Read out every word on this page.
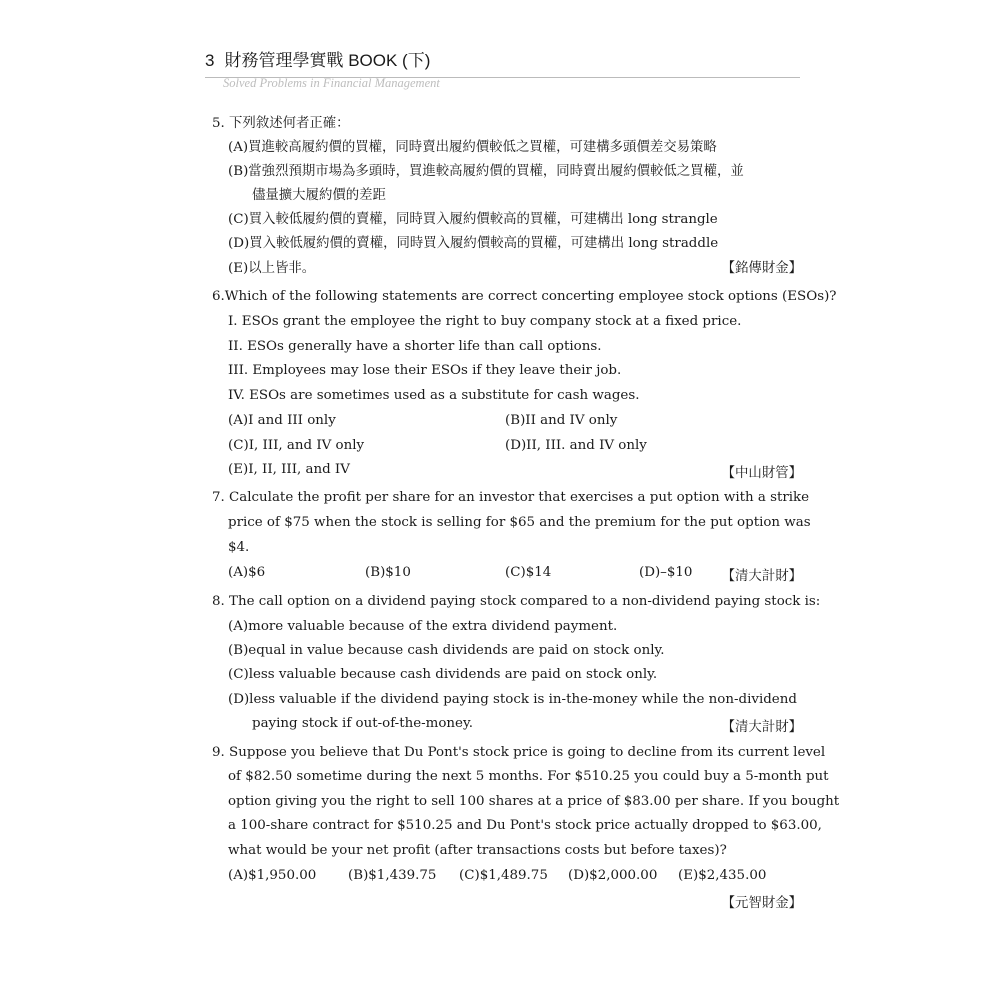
3 財務管理學實戰 BOOK (下)
Solved Problems in Financial Management
5. 下列敘述何者正確：
(A)買進較高履約價的買權，同時賣出履約價較低之買權，可建構多頭價差交易策略
(B)當強烈預期市場為多頭時，買進較高履約價的買權，同時賣出履約價較低之買權，並
儘量擴大履約價的差距
(C)買入較低履約價的賣權，同時買入履約價較高的買權，可建構出 long strangle
(D)買入較低履約價的賣權，同時買入履約價較高的買權，可建構出 long straddle
(E)以上皆非。	【銘傳財金】
6.Which of the following statements are correct concerting employee stock options (ESOs)?
I. ESOs grant the employee the right to buy company stock at a fixed price.
II. ESOs generally have a shorter life than call options.
III. Employees may lose their ESOs if they leave their job.
IV. ESOs are sometimes used as a substitute for cash wages.
(A)I and III only	(B)II and IV only
(C)I, III, and IV only	(D)II, III. and IV only
(E)I, II, III, and IV	【中山財管】
7. Calculate the profit per share for an investor that exercises a put option with a strike
price of $75 when the stock is selling for $65 and the premium for the put option was
$4.
(A)$6	(B)$10	(C)$14	(D)–$10 【清大計財】
8. The call option on a dividend paying stock compared to a non-dividend paying stock is:
(A)more valuable because of the extra dividend payment.
(B)equal in value because cash dividends are paid on stock only.
(C)less valuable because cash dividends are paid on stock only.
(D)less valuable if the dividend paying stock is in-the-money while the non-dividend
paying stock if out-of-the-money.	【清大計財】
9. Suppose you believe that Du Pont's stock price is going to decline from its current level
of $82.50 sometime during the next 5 months. For $510.25 you could buy a 5-month put
option giving you the right to sell 100 shares at a price of $83.00 per share. If you bought
a 100-share contract for $510.25 and Du Pont's stock price actually dropped to $63.00,
what would be your net profit (after transactions costs but before taxes)?
(A)$1,950.00 (B)$1,439.75 (C)$1,489.75 (D)$2,000.00 (E)$2,435.00
【元智財金】
